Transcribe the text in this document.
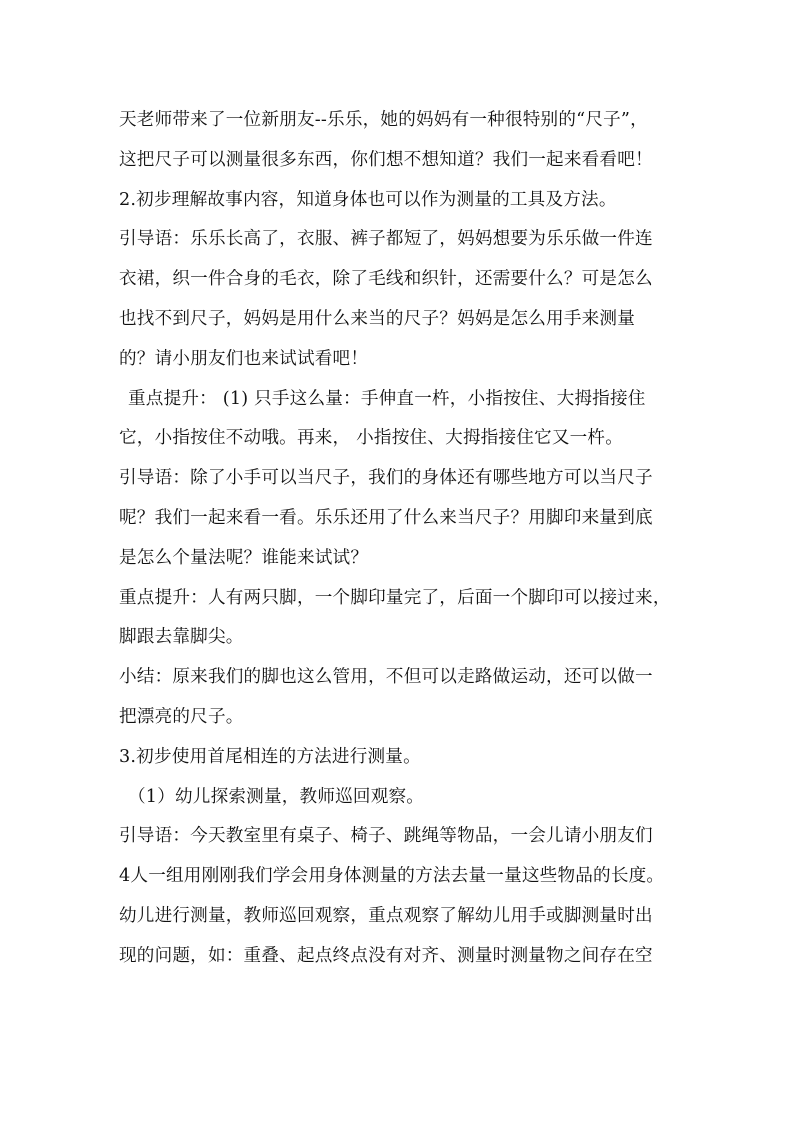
天老师带来了一位新朋友--乐乐，她的妈妈有一种很特别的“尺子”，
这把尺子可以测量很多东西，你们想不想知道？我们一起来看看吧！
2.初步理解故事内容，知道身体也可以作为测量的工具及方法。
引导语：乐乐长高了，衣服、裤子都短了，妈妈想要为乐乐做一件连
衣裙，织一件合身的毛衣，除了毛线和织针，还需要什么？可是怎么
也找不到尺子，妈妈是用什么来当的尺子？妈妈是怎么用手来测量
的？请小朋友们也来试试看吧！
重点提升： (1) 只手这么量：手伸直一杵，小指按住、大拇指接住
它，小指按住不动哦。再来， 小指按住、大拇指接住它又一杵。
引导语：除了小手可以当尺子，我们的身体还有哪些地方可以当尺子
呢？我们一起来看一看。乐乐还用了什么来当尺子？用脚印来量到底
是怎么个量法呢？谁能来试试？
重点提升：人有两只脚，一个脚印量完了，后面一个脚印可以接过来，
脚跟去靠脚尖。
小结：原来我们的脚也这么管用，不但可以走路做运动，还可以做一
把漂亮的尺子。
3.初步使用首尾相连的方法进行测量。
（1）幼儿探索测量，教师巡回观察。
引导语：今天教室里有桌子、椅子、跳绳等物品，一会儿请小朋友们
4人一组用刚刚我们学会用身体测量的方法去量一量这些物品的长度。
幼儿进行测量，教师巡回观察，重点观察了解幼儿用手或脚测量时出
现的问题，如：重叠、起点终点没有对齐、测量时测量物之间存在空
